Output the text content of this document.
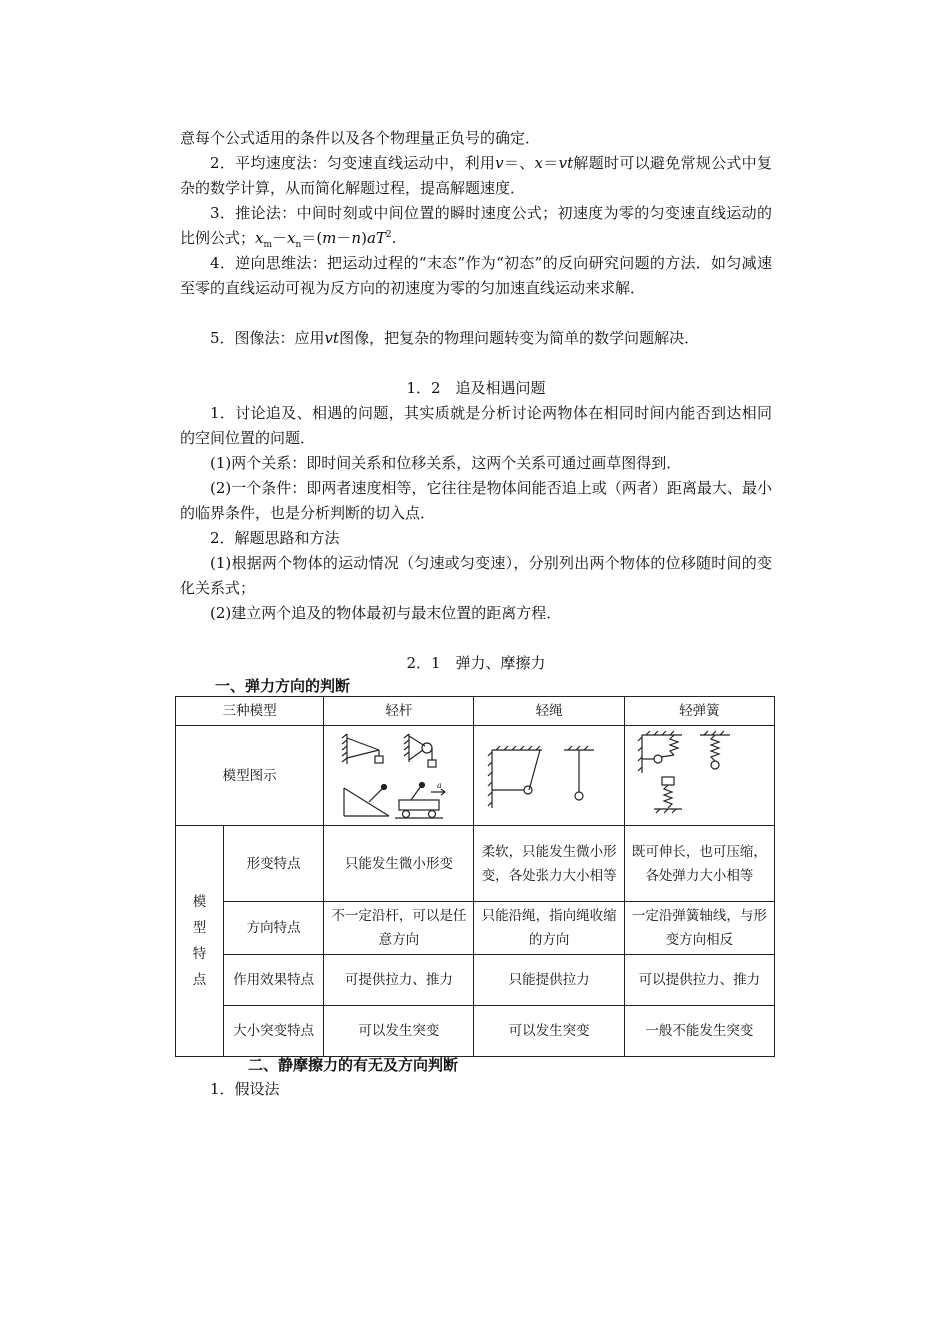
意每个公式适用的条件以及各个物理量正负号的确定．
2．平均速度法：匀变速直线运动中，利用v＝、x＝vt解题时可以避免常规公式中复杂的数学计算，从而简化解题过程，提高解题速度．
3．推论法：中间时刻或中间位置的瞬时速度公式；初速度为零的匀变速直线运动的比例公式；$x_m-x_n=(m-n)aT^2$.
4．逆向思维法：把运动过程的“末态”作为“初态”的反向研究问题的方法．如匀减速至零的直线运动可视为反方向的初速度为零的匀加速直线运动来求解．
5．图像法：应用vt图像，把复杂的物理问题转变为简单的数学问题解决．
1．2　追及相遇问题
1．讨论追及、相遇的问题，其实质就是分析讨论两物体在相同时间内能否到达相同的空间位置的问题．
(1)两个关系：即时间关系和位移关系，这两个关系可通过画草图得到．
(2)一个条件：即两者速度相等，它往往是物体间能否追上或（两者）距离最大、最小的临界条件，也是分析判断的切入点．
2．解题思路和方法
(1)根据两个物体的运动情况（匀速或匀变速），分别列出两个物体的位移随时间的变化关系式；
(2)建立两个追及的物体最初与最末位置的距离方程．
2．1　弹力、摩擦力
一、弹力方向的判断
三种模型		轻杆	轻绳	轻弹簧
模型图示		a

模型特点	形变特点	只能发生微小形变	柔软，只能发生微小形变，各处张力大小相等	既可伸长，也可压缩，各处弹力大小相等
	方向特点	不一定沿杆，可以是任意方向	只能沿绳，指向绳收缩的方向	一定沿弹簧轴线，与形变方向相反
	作用效果特点	可提供拉力、推力	只能提供拉力	可以提供拉力、推力
	大小突变特点	可以发生突变	可以发生突变	一般不能发生突变
二、静摩擦力的有无及方向判断
1．假设法
